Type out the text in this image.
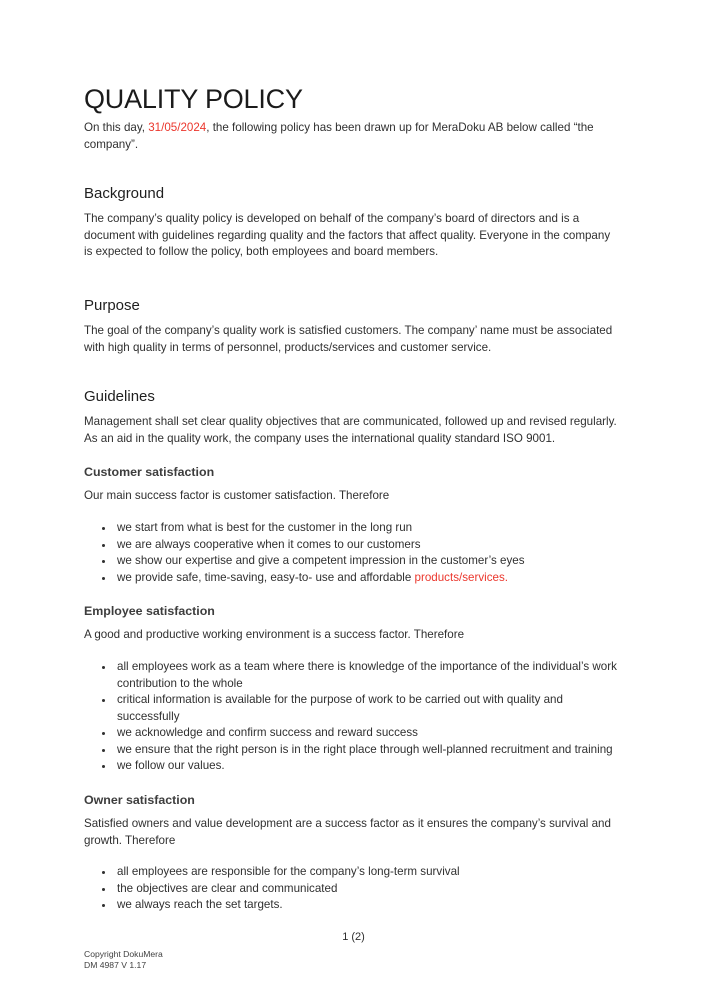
QUALITY POLICY

On this day, 31/05/2024, the following policy has been drawn up for MeraDoku AB below called “the company”.

Background

The company’s quality policy is developed on behalf of the company’s board of directors and is a document with guidelines regarding quality and the factors that affect quality. Everyone in the company is expected to follow the policy, both employees and board members.

Purpose

The goal of the company’s quality work is satisfied customers. The company’ name must be associated with high quality in terms of personnel, products/services and customer service.

Guidelines

Management shall set clear quality objectives that are communicated, followed up and revised regularly. As an aid in the quality work, the company uses the international quality standard ISO 9001.

Customer satisfaction

Our main success factor is customer satisfaction. Therefore

• we start from what is best for the customer in the long run
• we are always cooperative when it comes to our customers
• we show our expertise and give a competent impression in the customer’s eyes
• we provide safe, time-saving, easy-to- use and affordable products/services.
Employee satisfaction

A good and productive working environment is a success factor. Therefore

• all employees work as a team where there is knowledge of the importance of the individual’s work contribution to the whole
• critical information is available for the purpose of work to be carried out with quality and successfully
• we acknowledge and confirm success and reward success
• we ensure that the right person is in the right place through well-planned recruitment and training
• we follow our values.
Owner satisfaction

Satisfied owners and value development are a success factor as it ensures the company’s survival and growth. Therefore

• all employees are responsible for the company’s long-term survival
• the objectives are clear and communicated
• we always reach the set targets.
1 (2)
Copyright DokuMera
DM 4987 V 1.17
